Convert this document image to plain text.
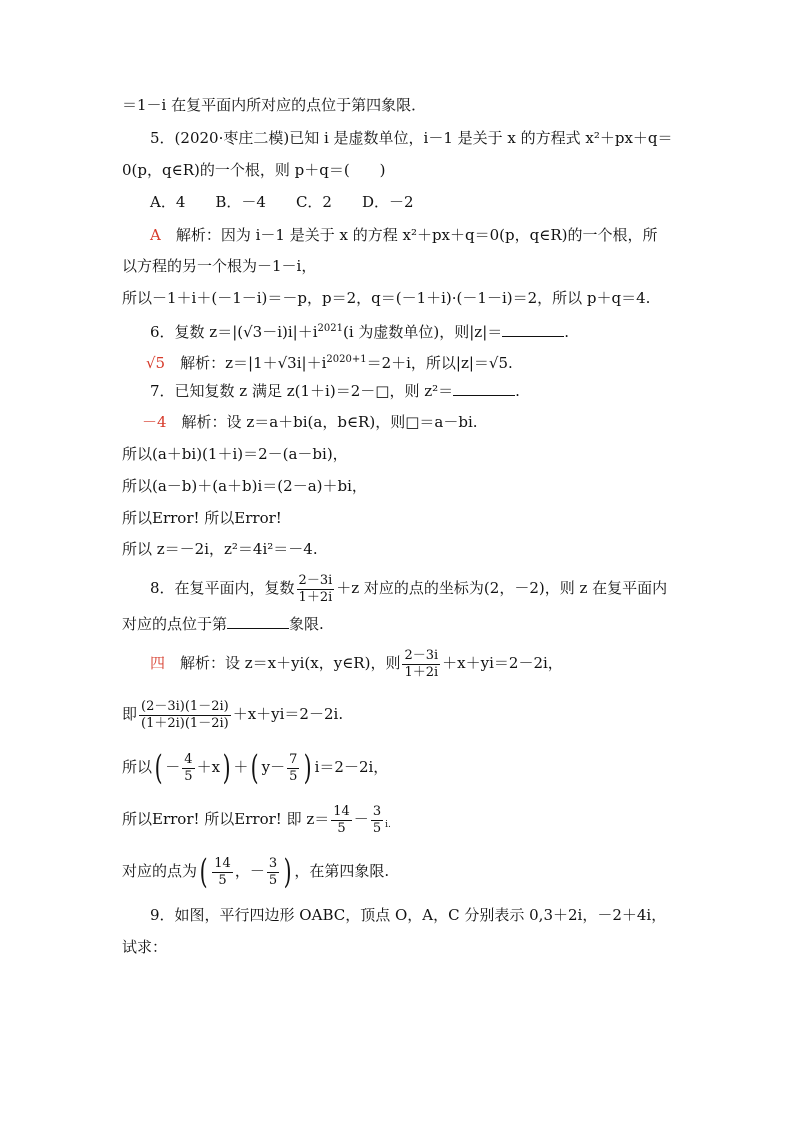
＝1－i 在复平面内所对应的点位于第四象限．
5．(2020·枣庄二模)已知 i 是虚数单位，i－1 是关于 x 的方程式 x²＋px＋q＝
0(p，q∈R)的一个根，则 p＋q＝(　　)
A．4　　B．－4　　C．2　　D．－2
A　解析：因为 i－1 是关于 x 的方程 x²＋px＋q＝0(p，q∈R)的一个根，所
以方程的另一个根为－1－i，
所以－1＋i＋(－1－i)＝－p，p＝2，q＝(－1＋i)·(－1－i)＝2，所以 p＋q＝4.
6．复数 $z=|(√3-i)i|+i^{2021}(i$ 为虚数单位)，则|z|＝	.
√5　解析：$z=|1+√3i|+i^{2020+1}=2+i$，所以|z|＝√5.
7．已知复数 z 满足 z(1＋i)＝2－□，则 z²＝	.
－4　解析：设 z＝a＋bi(a，b∈R)，则□＝a－bi.
所以(a＋bi)(1＋i)＝2－(a－bi)，
所以(a－b)＋(a＋b)i＝(2－a)＋bi，
所以Error! 所以Error!
所以 z＝－2i，z²＝4i²＝－4.
8．在复平面内，复数 $\frac{2-3i}{1+2i} +z$ 对应的点的坐标为(2，－2)，则 z 在复平面内
对应的点位于第	象限.
四　解析：设 z＝x＋yi(x，y∈R)，则 $\frac{2-3i}{1+2i} +x+yi=2-2i$，
即 $\frac{(2-3i)(1-2i)}{(1+2i)(1-2i)} +x+yi=2-2i$.
所以( － $\frac{4}{5} +x$) ＋( $y- \frac{7}{5}$ ) i＝2－2i，
所以Error! 所以Error! 即 $z= \frac{14}{5} - \frac{3}{5} _{i.}$
对应的点为( $\frac{14}{5}$ ，－ $\frac{3}{5}$ ) ，在第四象限.
9．如图，平行四边形 OABC，顶点 O，A，C 分别表示 0,3＋2i，－2＋4i，
试求：
